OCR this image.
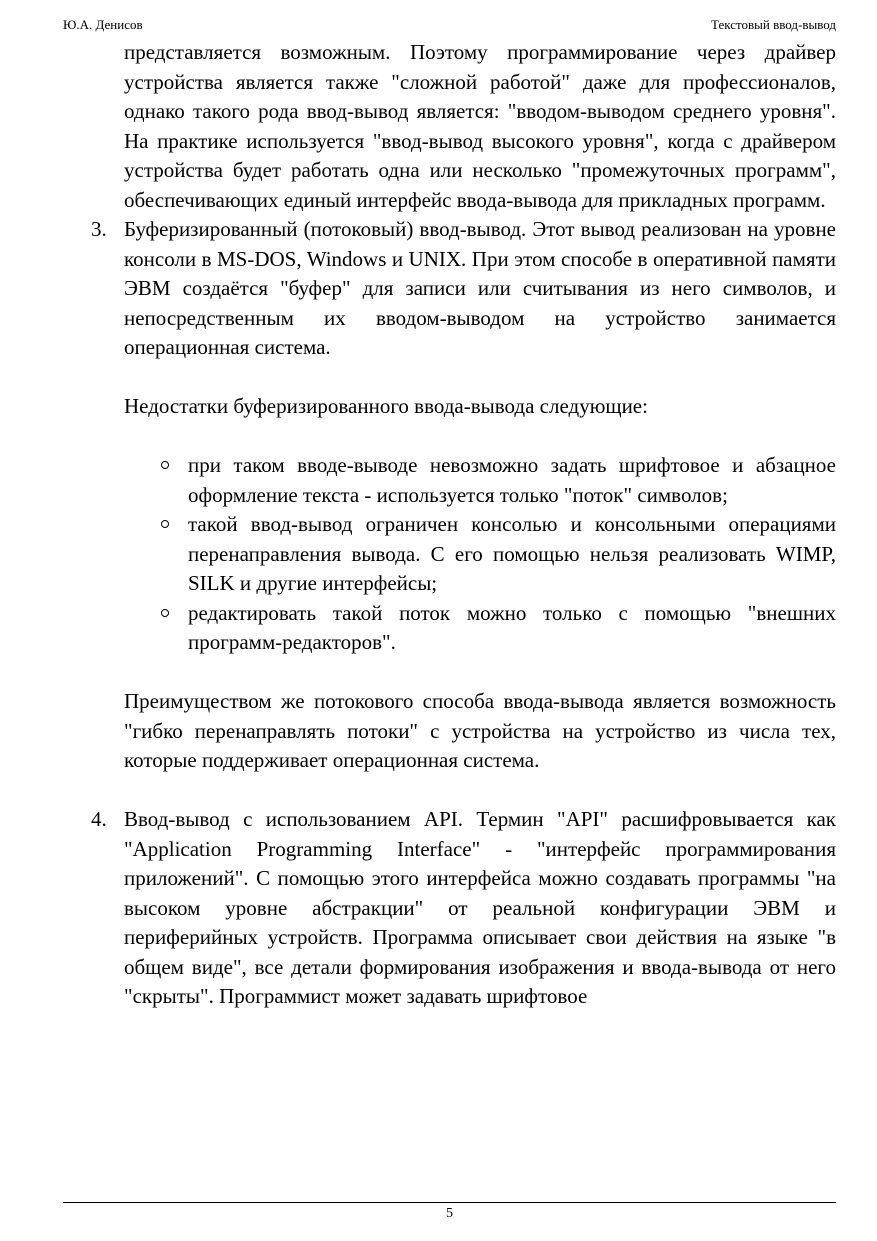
Ю.А. Денисов	Текстовый ввод-вывод

представляется возможным. Поэтому программирование через драйвер устройства является также "сложной работой" даже для профессионалов, однако такого рода ввод-вывод является: "вводом-выводом среднего уровня". На практике используется "ввод-вывод высокого уровня", когда с драйвером устройства будет работать одна или несколько "промежуточных программ", обеспечивающих единый интерфейс ввода-вывода для прикладных программ.

3. Буферизированный (потоковый) ввод-вывод. Этот вывод реализован на уровне консоли в MS-DOS, Windows и UNIX. При этом способе в оперативной памяти ЭВМ создаётся "буфер" для записи или считывания из него символов, и непосредственным их вводом-выводом на устройство занимается операционная система.

Недостатки буферизированного ввода-вывода следующие:

при таком вводе-выводе невозможно задать шрифтовое и абзацное оформление текста - используется только "поток" символов;
такой ввод-вывод ограничен консолью и консольными операциями перенаправления вывода. С его помощью нельзя реализовать WIMP, SILK и другие интерфейсы;
редактировать такой поток можно только с помощью "внешних программ-редакторов".

Преимуществом же потокового способа ввода-вывода является возможность "гибко перенаправлять потоки" с устройства на устройство из числа тех, которые поддерживает операционная система.

4. Ввод-вывод с использованием API. Термин "API" расшифровывается как "Application Programming Interface" - "интерфейс программирования приложений". С помощью этого интерфейса можно создавать программы "на высоком уровне абстракции" от реальной конфигурации ЭВМ и периферийных устройств. Программа описывает свои действия на языке "в общем виде", все детали формирования изображения и ввода-вывода от него "скрыты". Программист может задавать шрифтовое

5
